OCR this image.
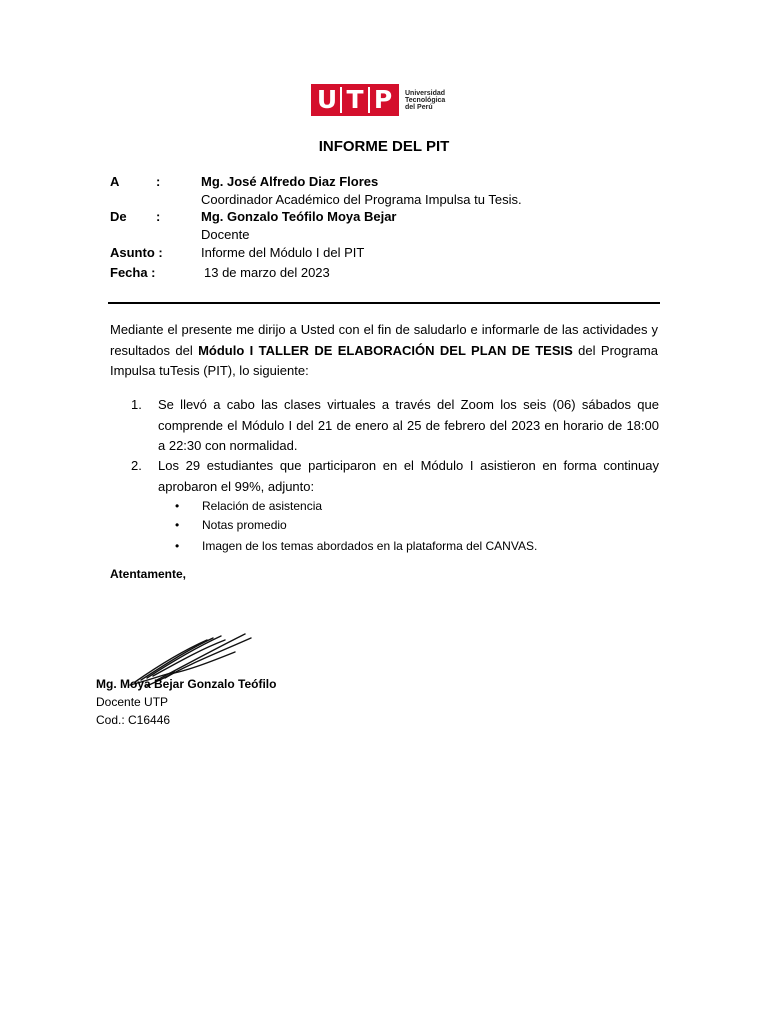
U T P	Universidad
Tecnológica
del Perú
INFORME DEL PIT
A	:	Mg. José Alfredo Diaz Flores
Coordinador Académico del Programa Impulsa tu Tesis.
De :	Mg. Gonzalo Teófilo Moya Bejar
Docente
Asunto :	Informe del Módulo I del PIT
Fecha :	13 de marzo del 2023
Mediante el presente me dirijo a Usted con el fin de saludarlo e informarle de las actividades y resultados del Módulo I TALLER DE ELABORACIÓN DEL PLAN DE TESIS del Programa Impulsa tuTesis (PIT), lo siguiente:
1. Se llevó a cabo las clases virtuales a través del Zoom los seis (06) sábados que comprende el Módulo I del 21 de enero al 25 de febrero del 2023 en horario de 18:00 a 22:30 con normalidad.
2. Los 29 estudiantes que participaron en el Módulo I asistieron en forma continuay aprobaron el 99%, adjunto:
• Relación de asistencia
• Notas promedio
• Imagen de los temas abordados en la plataforma del CANVAS.
Atentamente,
Mg. Moya Bejar Gonzalo Teófilo
Docente UTP
Cod.: C16446
